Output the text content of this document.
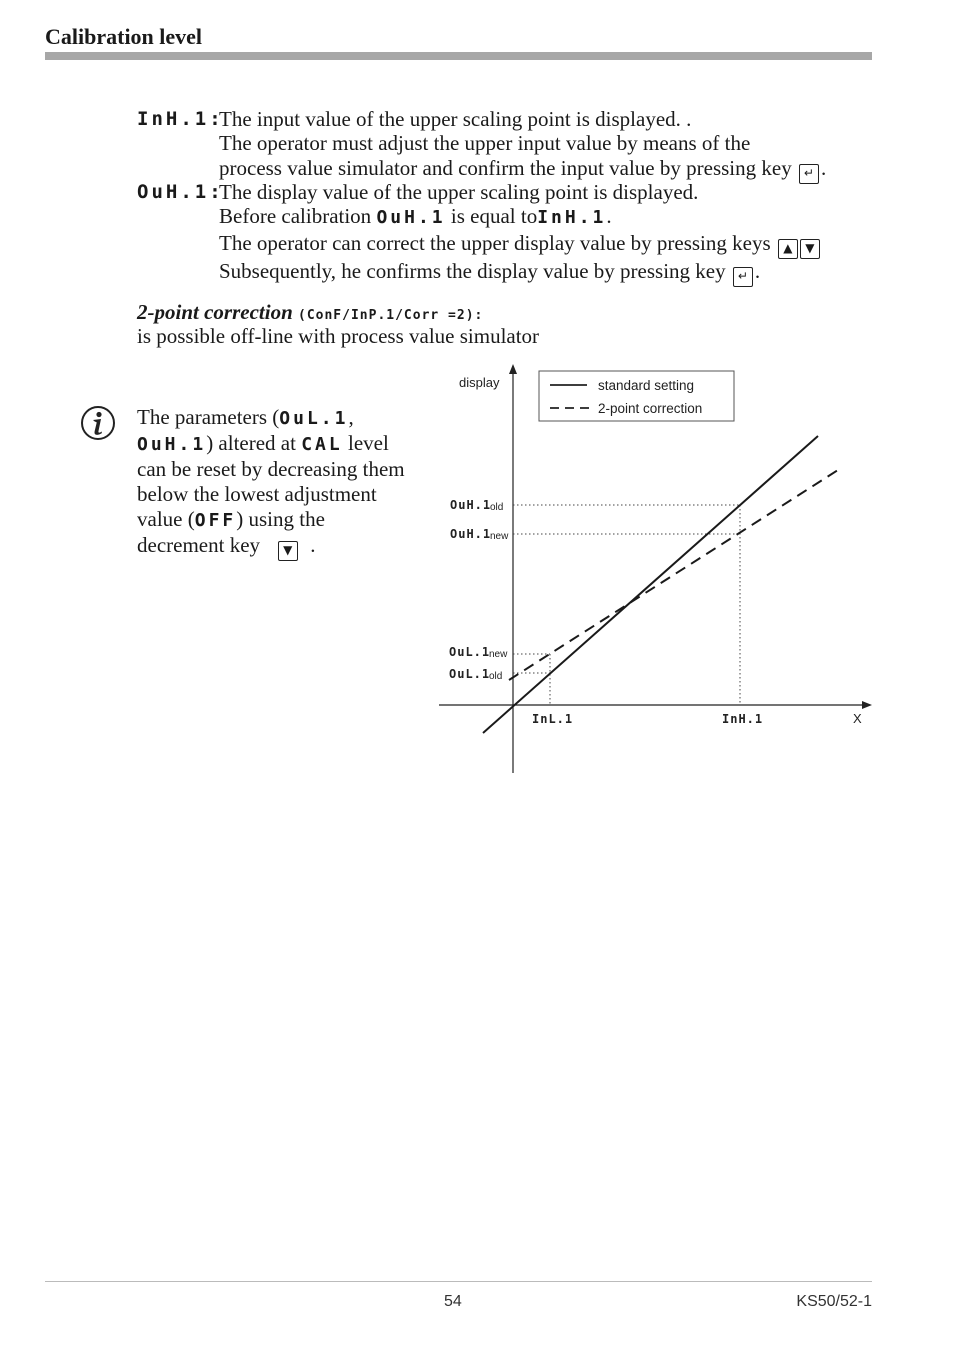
Calibration level
InH.1:
The input value of the upper scaling point is displayed. .
The operator must adjust the upper input value by means of the
process value simulator and confirm the input value by pressing key ↵ .
OuH.1:
The display value of the upper scaling point is displayed.
Before calibration OuH.1 is equal toInH.1.
The operator can correct the upper display value by pressing keys ▲ ▼
Subsequently, he confirms the display value by pressing key ↵ .
2-point correction (ConF/InP.1/Corr =2):
is possible off-line with process value simulator
The parameters (OuL.1,
OuH.1) altered at CAL level
can be reset by decreasing them
below the lowest adjustment
value (OFF) using the
decrement key ▼ .
display
X
standard setting
2-point correction
OuH.1
old
OuH.1
new
OuL.1
new
OuL.1
old
InL.1	InH.1
54	KS50/52-1
